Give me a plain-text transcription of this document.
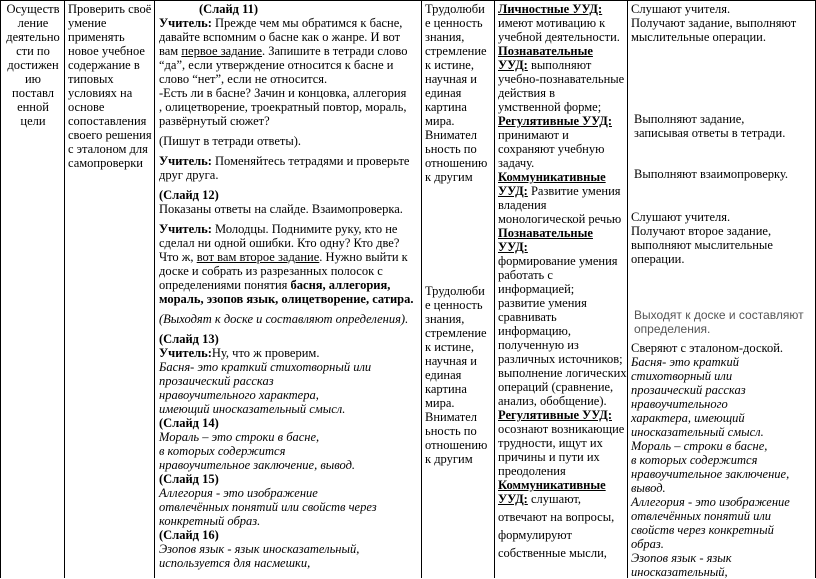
Осуществ
ление
деятельно
сти по
достижен
ию
поставл
енной
цели
Проверить своё
умение
применять
новое учебное
содержание в
типовых
условиях на
основе
сопоставления
своего решения
с эталоном для
самопроверки
(Слайд 11)
Учитель: Прежде чем мы обратимся к басне,
давайте вспомним о басне как о жанре. И вот
вам первое задание. Запишите в тетради слово
“да”, если утверждение относится к басне и
слово “нет”, если не относится.
-Есть ли в басне? Зачин и концовка, аллегория
, олицетворение, троекратный повтор, мораль,
развёрнутый сюжет?
(Пишут в тетради ответы).
Учитель: Поменяйтесь тетрадями и проверьте
друг друга.
(Слайд 12)
Показаны ответы на слайде. Взаимопроверка.
Учитель: Молодцы. Поднимите руку, кто не
сделал ни одной ошибки. Кто одну? Кто две?
Что ж, вот вам второе задание. Нужно выйти к
доске и собрать из разрезанных полосок с
определениями понятия басня, аллегория,
мораль, эзопов язык, олицетворение, сатира.
(Выходят к доске и составляют определения).
(Слайд 13)
Учитель:Ну, что ж проверим.
Басня- это краткий стихотворный или
прозаический рассказ
нравоучительного характера,
имеющий иносказательный смысл.
(Слайд 14)
Мораль – это строки в басне,
в которых содержится
нравоучительное заключение, вывод.
(Слайд 15)
Аллегория - это изображение
отвлечённых понятий или свойств через
конкретный образ.
(Слайд 16)
Эзопов язык - язык иносказательный,
используется для насмешки,
Трудолюби
е ценность
знания,
стремление
к истине,
научная и
единая
картина
мира.
Внимател
ьность по
отношению
к другим
Трудолюби
е ценность
знания,
стремление
к истине,
научная и
единая
картина
мира.
Внимател
ьность по
отношению
к другим
Личностные УУД:
имеют мотивацию к
учебной деятельности.
Познавательные
УУД: выполняют
учебно-познавательные
действия в
умственной форме;
Регулятивные УУД:
принимают и
сохраняют учебную
задачу.
Коммуникативные
УУД: Развитие умения
владения
монологической речью
Познавательные
УУД:
формирование умения
работать с
информацией;
развитие умения
сравнивать
информацию,
полученную из
различных источников;
выполнение логических
операций (сравнение,
анализ, обобщение).
Регулятивные УУД:
осознают возникающие
трудности, ищут их
причины и пути их
преодоления
Коммуникативные
УУД: слушают,
отвечают на вопросы,
формулируют
собственные мысли,
Слушают учителя.
Получают задание, выполняют
мыслительные операции.
Выполняют задание,
записывая ответы в тетради.
Выполняют взаимопроверку.
Слушают учителя.
Получают второе задание,
выполняют мыслительные
операции.
Выходят к доске и составляют
определения.
Сверяют с эталоном-доской.
Басня- это краткий
стихотворный или
прозаический рассказ
нравоучительного
характера, имеющий
иносказательный смысл.
Мораль – строки в басне,
в которых содержится
нравоучительное заключение,
вывод.
Аллегория - это изображение
отвлечённых понятий или
свойств через конкретный
образ.
Эзопов язык - язык
иносказательный,
